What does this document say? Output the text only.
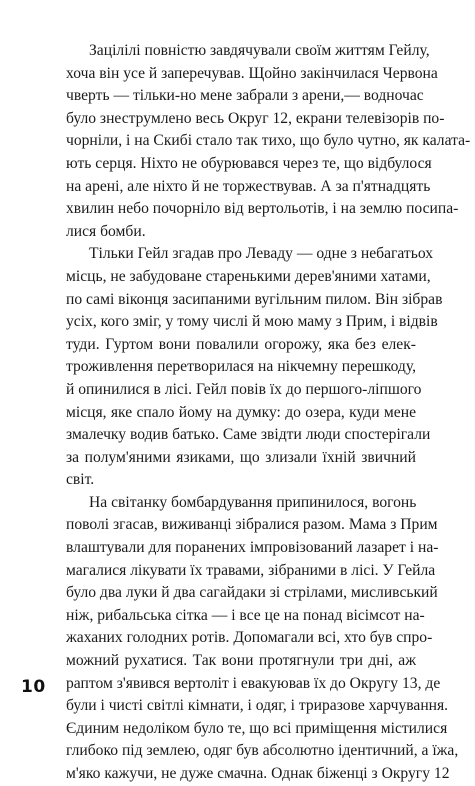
Зацілілі повністю завдячували своїм життям Гейлу,
хоча він усе й заперечував. Щойно закінчилася Червона
чверть — тільки-но мене забрали з арени,— водночас
було знеструмлено весь Округ 12, екрани телевізорів по-
чорніли, і на Скибі стало так тихо, що було чутно, як калата-
ють серця. Ніхто не обурювався через те, що відбулося
на арені, але ніхто й не торжествував. А за п'ятнадцять
хвилин небо почорніло від вертольотів, і на землю посипа-
лися бомби.

Тільки Гейл згадав про Леваду — одне з небагатьох
місць, не забудоване старенькими дерев'яними хатами,
по самі віконця засипаними вугільним пилом. Він зібрав
усіх, кого зміг, у тому числі й мою маму з Прим, і відвів
туди. Гуртом вони повалили огорожу, яка без елек-
троживлення перетворилася на нікчемну перешкоду,
й опинилися в лісі. Гейл повів їх до першого-ліпшого
місця, яке спало йому на думку: до озера, куди мене
змалечку водив батько. Саме звідти люди спостерігали
за полум'яними язиками, що злизали їхній звичний
світ.

На світанку бомбардування припинилося, вогонь
поволі згасав, виживанці зібралися разом. Мама з Прим
влаштували для поранених імпровізований лазарет і на-
магалися лікувати їх травами, зібраними в лісі. У Гейла
було два луки й два сагайдаки зі стрілами, мисливський
ніж, рибальська сітка — і все це на понад вісімсот на-
жаханих голодних ротів. Допомагали всі, хто був спро-
можний рухатися. Так вони протягнули три дні, аж
раптом з'явився вертоліт і евакуював їх до Округу 13, де
були і чисті світлі кімнати, і одяг, і триразове харчування.
Єдиним недоліком було те, що всі приміщення містилися
глибоко під землею, одяг був абсолютно ідентичний, а їжа,
м'яко кажучи, не дуже смачна. Однак біженці з Округу 12

10
